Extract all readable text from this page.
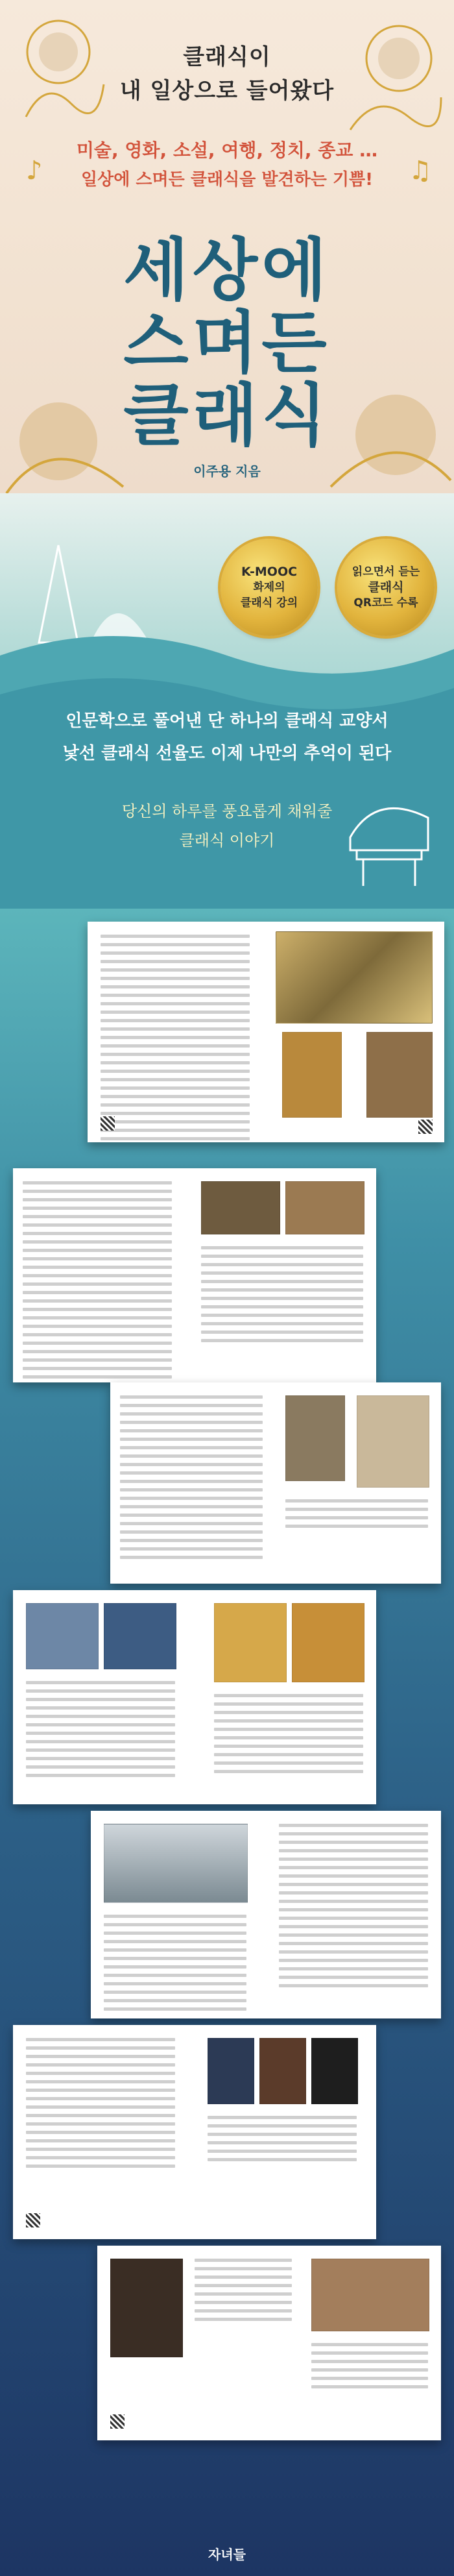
♪	♫
클래식이
내 일상으로 들어왔다
미술, 영화, 소설, 여행, 정치, 종교 …
일상에 스며든 클래식을 발견하는 기쁨!
세상에
스며든
클래식
이주용 지음
K-MOOC
화제의
클래식 강의
읽으면서 듣는
클래식
QR코드 수록
인문학으로 풀어낸 단 하나의 클래식 교양서
낯선 클래식 선율도 이제 나만의 추억이 된다
당신의 하루를 풍요롭게 채워줄
클래식 이야기
자녀들
